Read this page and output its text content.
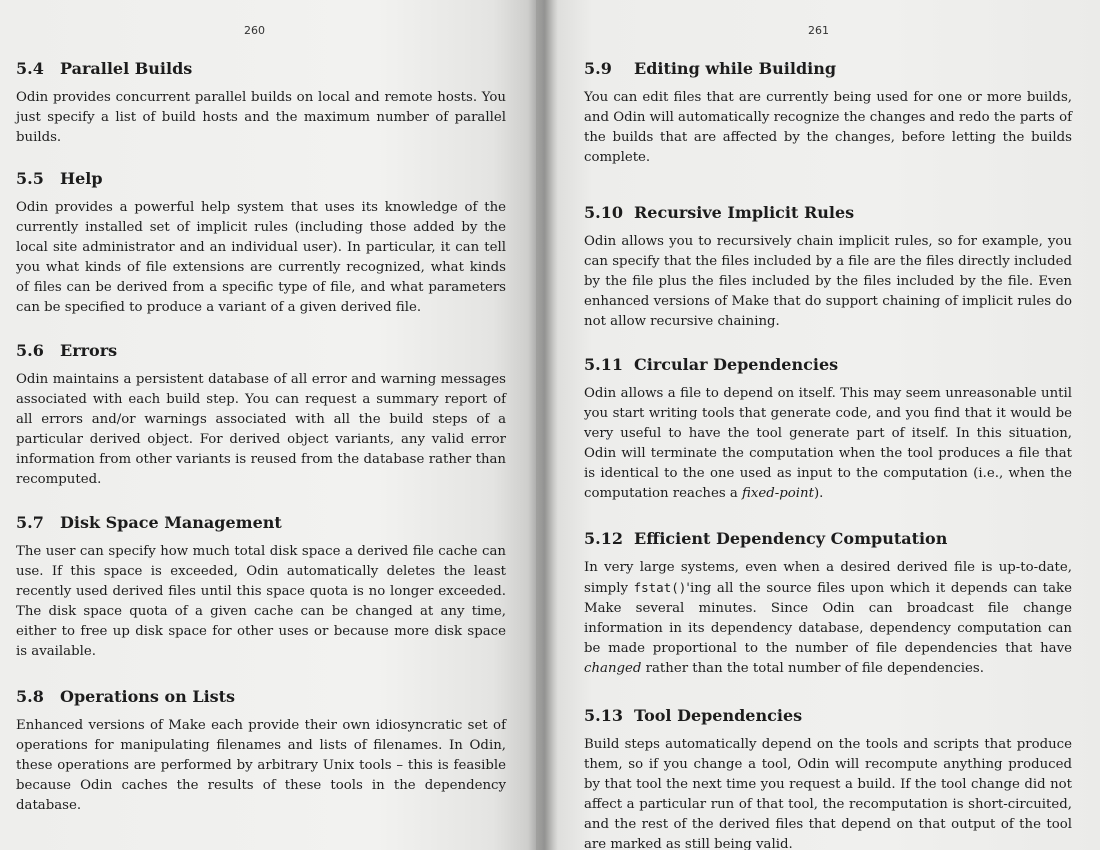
260
5.4	Parallel Builds

Odin provides concurrent parallel builds on local and remote hosts. You just specify a list of build hosts and the maximum number of parallel builds.

5.5	Help

Odin provides a powerful help system that uses its knowledge of the currently installed set of implicit rules (including those added by the local site administrator and an individual user). In particular, it can tell you what kinds of file extensions are currently recognized, what kinds of files can be derived from a specific type of file, and what parameters can be specified to produce a variant of a given derived file.

5.6	Errors

Odin maintains a persistent database of all error and warning messages associated with each build step. You can request a summary report of all errors and/or warnings associated with all the build steps of a particular derived object. For derived object variants, any valid error information from other variants is reused from the database rather than recomputed.

5.7	Disk Space Management

The user can specify how much total disk space a derived file cache can use. If this space is exceeded, Odin automatically deletes the least recently used derived files until this space quota is no longer exceeded. The disk space quota of a given cache can be changed at any time, either to free up disk space for other uses or because more disk space is available.

5.8	Operations on Lists

Enhanced versions of Make each provide their own idiosyncratic set of operations for manipulating filenames and lists of filenames. In Odin, these operations are performed by arbitrary Unix tools – this is feasible because Odin caches the results of these tools in the dependency database.

261
5.9	Editing while Building

You can edit files that are currently being used for one or more builds, and Odin will automatically recognize the changes and redo the parts of the builds that are affected by the changes, before letting the builds complete.

5.10 Recursive Implicit Rules

Odin allows you to recursively chain implicit rules, so for example, you can specify that the files included by a file are the files directly included by the file plus the files included by the files included by the file. Even enhanced versions of Make that do support chaining of implicit rules do not allow recursive chaining.

5.11 Circular Dependencies

Odin allows a file to depend on itself. This may seem unreasonable until you start writing tools that generate code, and you find that it would be very useful to have the tool generate part of itself. In this situation, Odin will terminate the computation when the tool produces a file that is identical to the one used as input to the computation (i.e., when the computation reaches a fixed-point).

5.12 Efficient Dependency Computation

In very large systems, even when a desired derived file is up-to-date, simply fstat()'ing all the source files upon which it depends can take Make several minutes. Since Odin can broadcast file change information in its dependency database, dependency computation can be made proportional to the number of file dependencies that have changed rather than the total number of file dependencies.

5.13 Tool Dependencies

Build steps automatically depend on the tools and scripts that produce them, so if you change a tool, Odin will recompute anything produced by that tool the next time you request a build. If the tool change did not affect a particular run of that tool, the recomputation is short-circuited, and the rest of the derived files that depend on that output of the tool are marked as still being valid.
